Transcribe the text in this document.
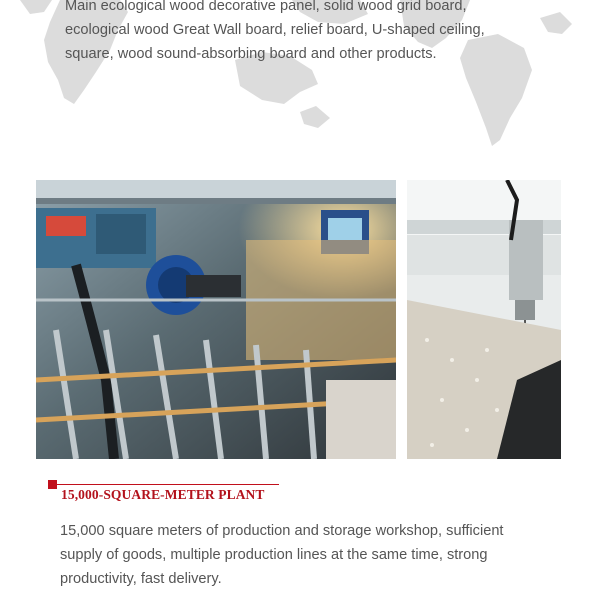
Main ecological wood decorative panel, solid wood grid board,
ecological wood Great Wall board, relief board, U-shaped ceiling,
square, wood sound-absorbing board and other products.
15,000-SQUARE-METER PLANT
15,000 square meters of production and storage workshop, sufficient
supply of goods, multiple production lines at the same time, strong
productivity, fast delivery.
